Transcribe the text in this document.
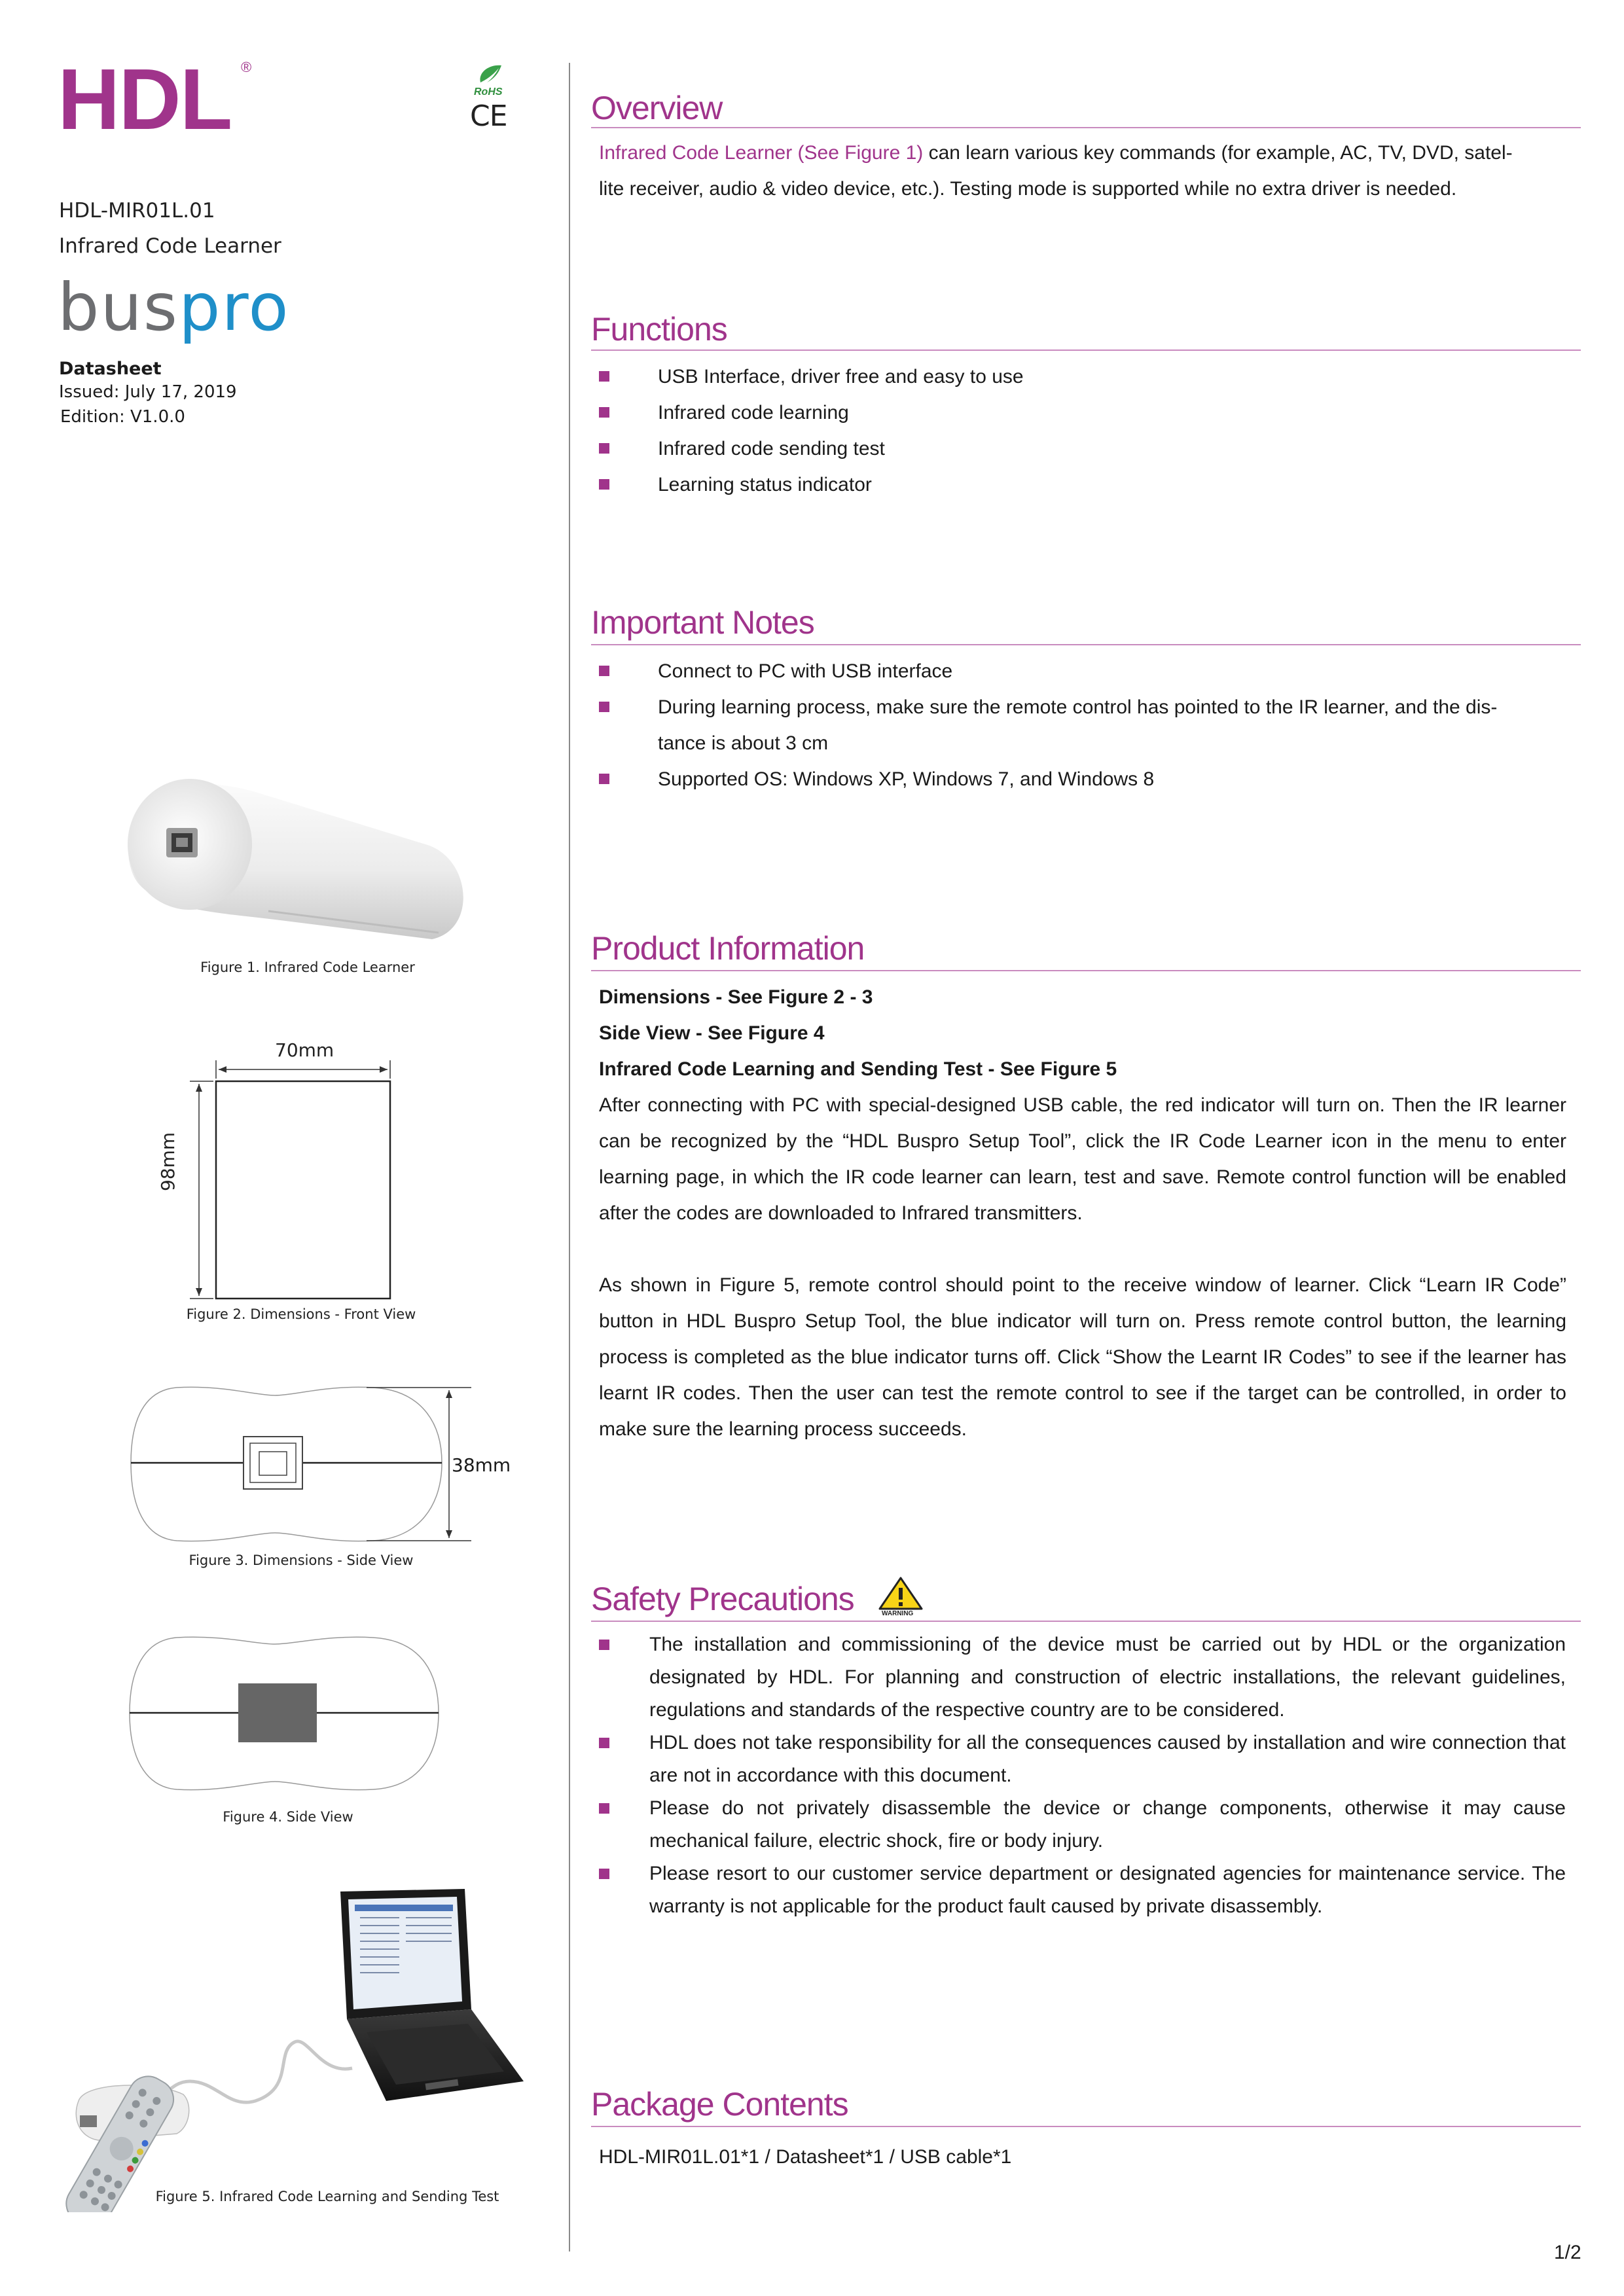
HDL ®
RoHS
CE
HDL-MIR01L.01
Infrared Code Learner
buspro
Datasheet
Issued: July 17, 2019
Edition: V1.0.0
Figure 1. Infrared Code Learner
70mm
98mm
Figure 2. Dimensions - Front View
38mm
Figure 3. Dimensions - Side View
Figure 4. Side View
Figure 5. Infrared Code Learning and Sending Test
Overview
Infrared Code Learner (See Figure 1) can learn various key commands (for example, AC, TV, DVD, satel-
lite receiver, audio & video device, etc.). Testing mode is supported while no extra driver is needed.
Functions
USB Interface, driver free and easy to use
Infrared code learning
Infrared code sending test
Learning status indicator
Important Notes
Connect to PC with USB interface
During learning process, make sure the remote control has pointed to the IR learner, and the dis-
tance is about 3 cm
Supported OS: Windows XP, Windows 7, and Windows 8
Product Information
Dimensions - See Figure 2 - 3
Side View - See Figure 4
Infrared Code Learning and Sending Test - See Figure 5
After connecting with PC with special-designed USB cable, the red indicator will turn on. Then the IR learner can be recognized by the “HDL Buspro Setup Tool”, click the IR Code Learner icon in the menu to enter learning page, in which the IR code learner can learn, test and save. Remote control function will be enabled after the codes are downloaded to Infrared transmitters.
As shown in Figure 5, remote control should point to the receive window of learner. Click “Learn IR Code” button in HDL Buspro Setup Tool, the blue indicator will turn on. Press remote control button, the learning process is completed as the blue indicator turns off. Click “Show the Learnt IR Codes” to see if the learner has learnt IR codes. Then the user can test the remote control to see if the target can be controlled, in order to make sure the learning process succeeds.
Safety Precautions	WARNING
The installation and commissioning of the device must be carried out by HDL or the organization designated by HDL. For planning and construction of electric installations, the relevant guidelines, regulations and standards of the respective country are to be considered.
HDL does not take responsibility for all the consequences caused by installation and wire connection that are not in accordance with this document.
Please do not privately disassemble the device or change components, otherwise it may cause mechanical failure, electric shock, fire or body injury.
Please resort to our customer service department or designated agencies for maintenance service. The warranty is not applicable for the product fault caused by private disassembly.
Package Contents
HDL-MIR01L.01*1 / Datasheet*1 / USB cable*1
1/2
